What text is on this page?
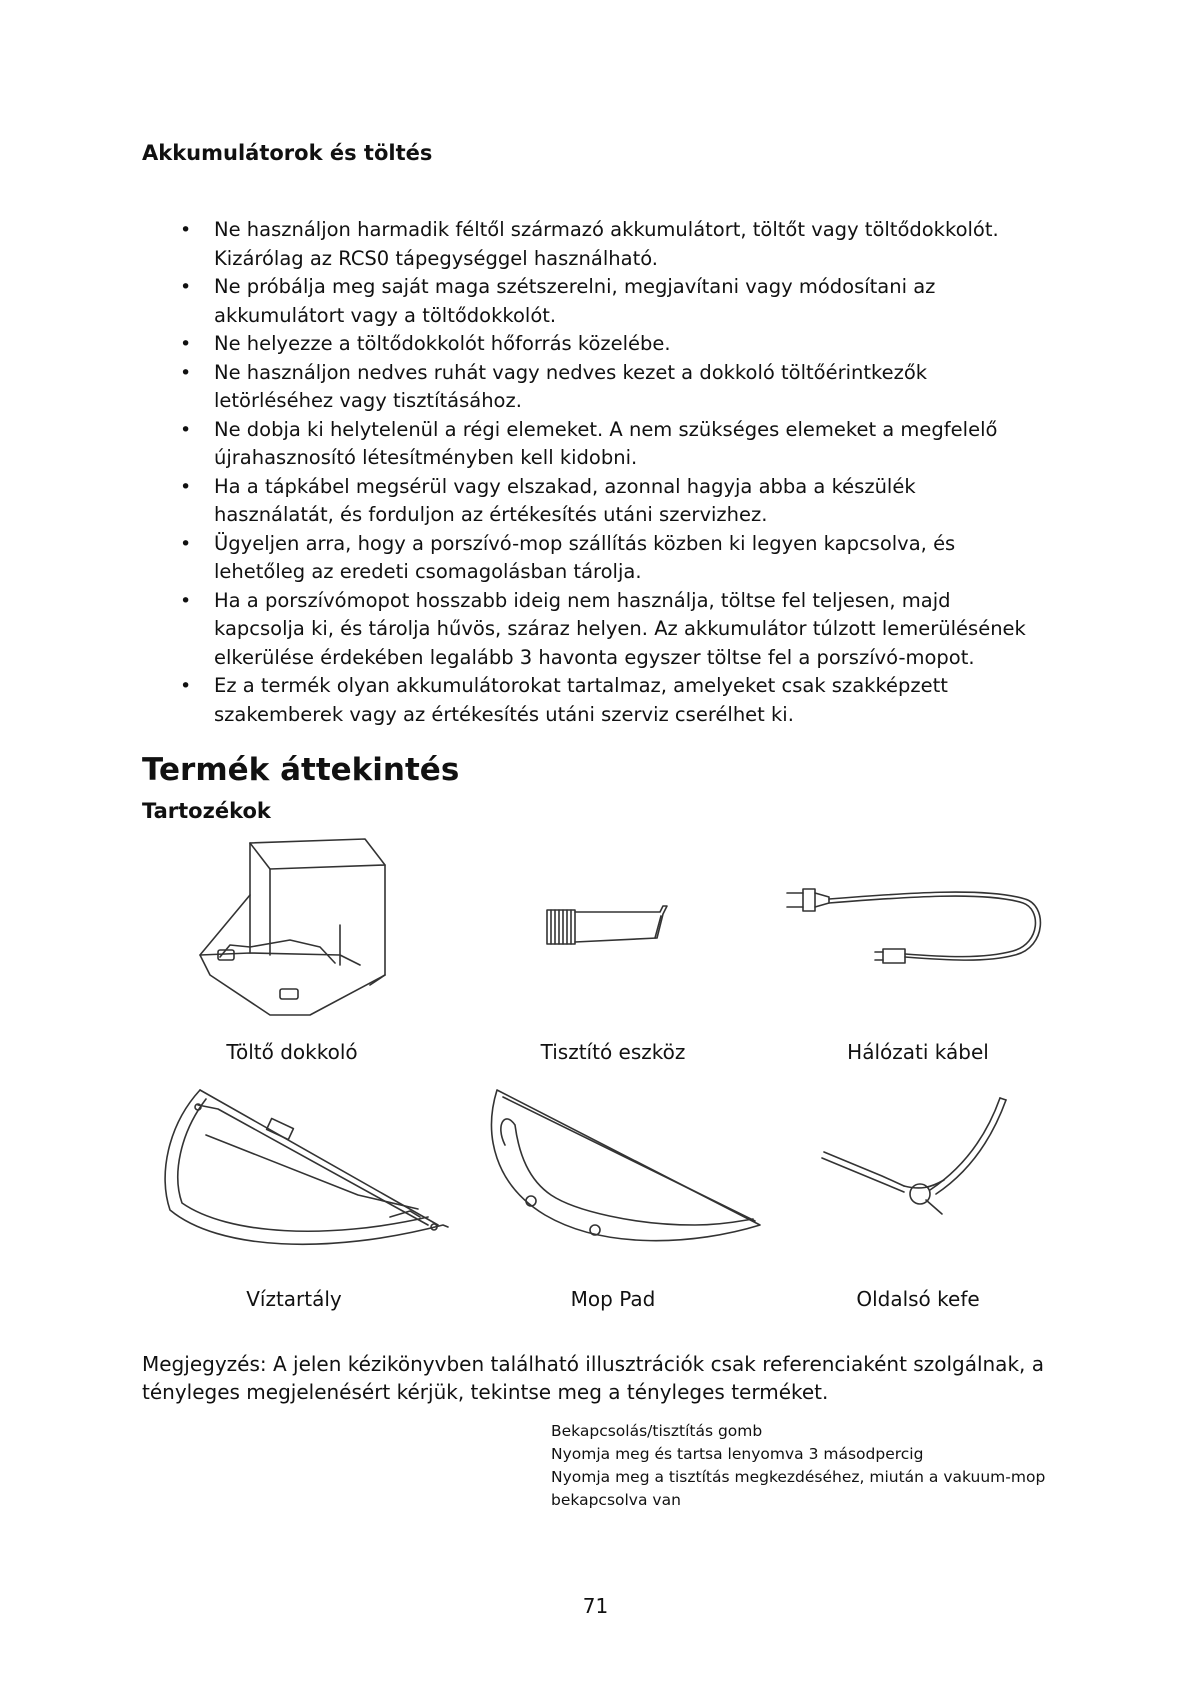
Akkumulátorok és töltés
• Ne használjon harmadik féltől származó akkumulátort, töltőt vagy töltődokkolót.
Kizárólag az RCS0 tápegységgel használható.
• Ne próbálja meg saját maga szétszerelni, megjavítani vagy módosítani az
akkumulátort vagy a töltődokkolót.
• Ne helyezze a töltődokkolót hőforrás közelébe.
• Ne használjon nedves ruhát vagy nedves kezet a dokkoló töltőérintkezők
letörléséhez vagy tisztításához.
• Ne dobja ki helytelenül a régi elemeket. A nem szükséges elemeket a megfelelő
újrahasznosító létesítményben kell kidobni.
• Ha a tápkábel megsérül vagy elszakad, azonnal hagyja abba a készülék
használatát, és forduljon az értékesítés utáni szervizhez.
• Ügyeljen arra, hogy a porszívó-mop szállítás közben ki legyen kapcsolva, és
lehetőleg az eredeti csomagolásban tárolja.
• Ha a porszívómopot hosszabb ideig nem használja, töltse fel teljesen, majd
kapcsolja ki, és tárolja hűvös, száraz helyen. Az akkumulátor túlzott lemerülésének
elkerülése érdekében legalább 3 havonta egyszer töltse fel a porszívó-mopot.
• Ez a termék olyan akkumulátorokat tartalmaz, amelyeket csak szakképzett
szakemberek vagy az értékesítés utáni szerviz cserélhet ki.
Termék áttekintés
Tartozékok
Töltő dokkoló	Tisztító eszköz	Hálózati kábel
Víztartály	Mop Pad	Oldalsó kefe
Megjegyzés: A jelen kézikönyvben található illusztrációk csak referenciaként szolgálnak, a
tényleges megjelenésért kérjük, tekintse meg a tényleges terméket.
Bekapcsolás/tisztítás gomb
Nyomja meg és tartsa lenyomva 3 másodpercig
Nyomja meg a tisztítás megkezdéséhez, miután a vakuum-mop
bekapcsolva van
71
